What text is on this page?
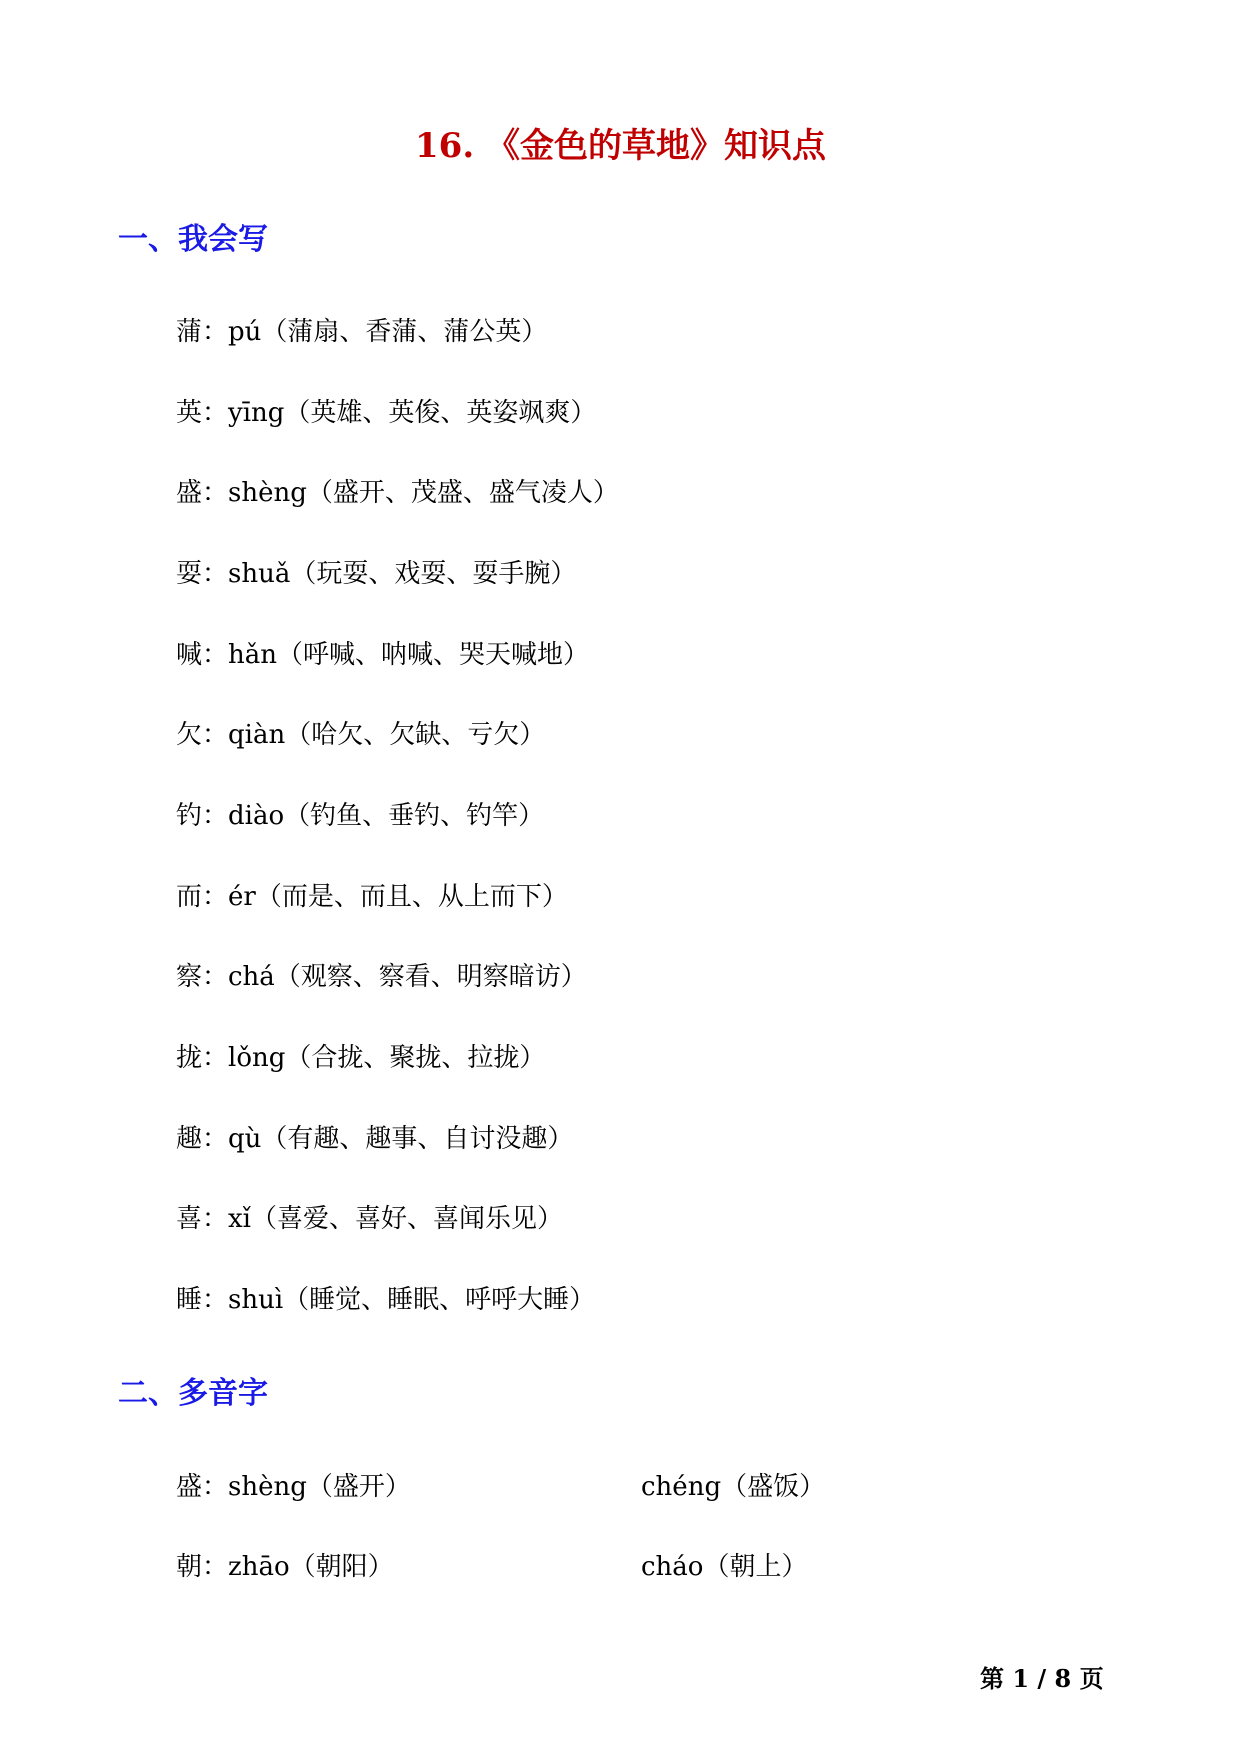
16. 《金色的草地》知识点
一、我会写
蒲：pú（蒲扇、香蒲、蒲公英）
英：yīng（英雄、英俊、英姿飒爽）
盛：shèng（盛开、茂盛、盛气凌人）
耍：shuǎ（玩耍、戏耍、耍手腕）
喊：hǎn（呼喊、呐喊、哭天喊地）
欠：qiàn（哈欠、欠缺、亏欠）
钓：diào（钓鱼、垂钓、钓竿）
而：ér（而是、而且、从上而下）
察：chá（观察、察看、明察暗访）
拢：lǒng（合拢、聚拢、拉拢）
趣：qù（有趣、趣事、自讨没趣）
喜：xǐ（喜爱、喜好、喜闻乐见）
睡：shuì（睡觉、睡眠、呼呼大睡）
二、多音字
盛：shèng（盛开）	chéng（盛饭）
朝：zhāo（朝阳）	cháo（朝上）
第 1 / 8 页
